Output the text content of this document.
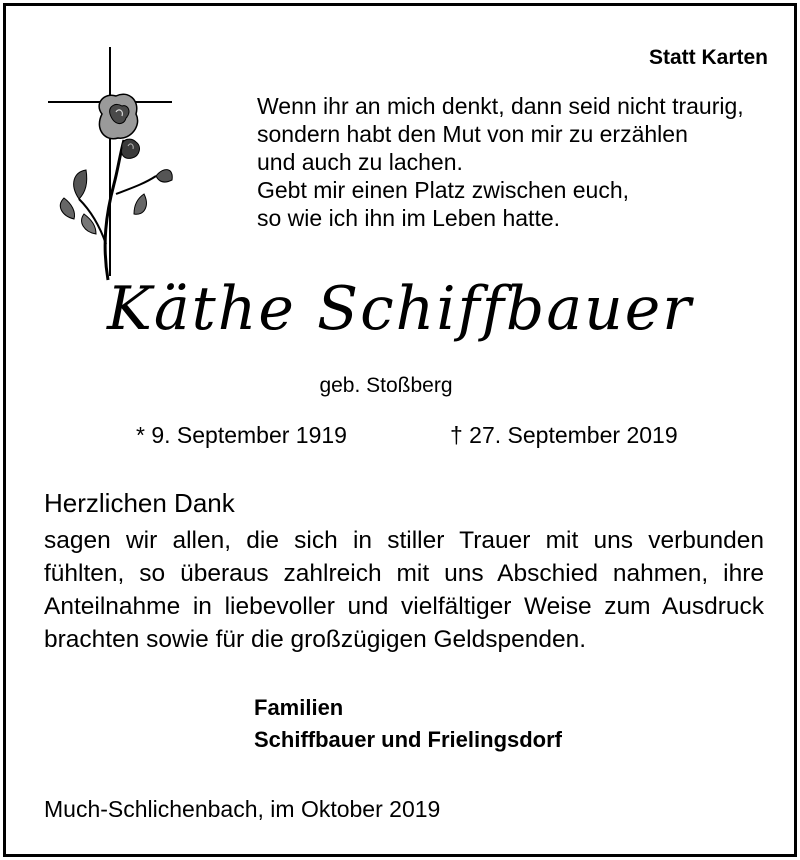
Statt Karten
Wenn ihr an mich denkt, dann seid nicht traurig,
sondern habt den Mut von mir zu erzählen
und auch zu lachen.
Gebt mir einen Platz zwischen euch,
so wie ich ihn im Leben hatte.
Käthe Schiffbauer
geb. Stoßberg
* 9. September 1919	† 27. September 2019
Herzlichen Dank
sagen wir allen, die sich in stiller Trauer mit uns verbunden fühlten, so überaus zahlreich mit uns Abschied nahmen, ihre Anteilnahme in liebevoller und vielfältiger Weise zum Ausdruck brachten sowie für die großzügigen Geldspenden.
Familien
Schiffbauer und Frielingsdorf
Much-Schlichenbach, im Oktober 2019
